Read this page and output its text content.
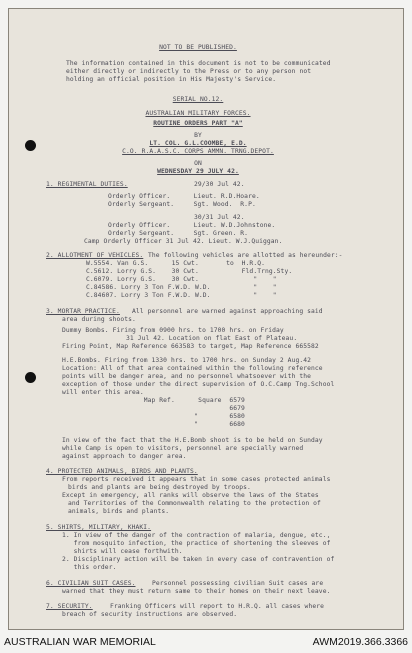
NOT TO BE PUBLISHED.
The information contained in this document is not to be communicated
either directly or indirectly to the Press or to any person not
holding an official position in His Majesty's Service.
SERIAL NO.12.
AUSTRALIAN MILITARY FORCES.
ROUTINE ORDERS PART "A"
BY
LT. COL. G.L.COOMBE, E.D.
C.O. R.A.A.S.C. CORPS AMMN. TRNG.DEPOT.
ON
WEDNESDAY 29 JULY 42.
1. REGIMENTAL DUTIES.	29/30 Jul 42.
Orderly Officer.      Lieut. R.D.Hoare.
Orderly Sergeant.     Sgt. Wood.  R.P.
30/31 Jul 42.
Orderly Officer.      Lieut. W.D.Johnstone.
Orderly Sergeant.     Sgt. Green. R.
Camp Orderly Officer 31 Jul 42. Lieut. W.J.Quiggan.
2. ALLOTMENT OF VEHICLES. The following vehicles are allotted as hereunder:-
W.5554. Van G.S.      15 Cwt.       to  H.R.Q.
C.5612. Lorry G.S.    30 Cwt.           Fld.Trng.Sty.
C.6079. Lorry G.S.    30 Cwt.              "    "
C.84586. Lorry 3 Ton F.W.D. W.D.           "    "
C.84607. Lorry 3 Ton F.W.D. W.D.           "    "
3. MORTAR PRACTICE. All personnel are warned against approaching said
area during shoots.
Dummy Bombs. Firing from 0900 hrs. to 1700 hrs. on Friday
31 Jul 42. Location on flat East of Plateau.
Firing Point, Map Reference 663583 to target, Map Reference 665582
H.E.Bombs. Firing from 1330 hrs. to 1700 hrs. on Sunday 2 Aug.42
Location: All of that area contained within the following reference
points will be danger area, and no personnel whatsoever with the
exception of those under the direct supervision of O.C.Camp Tng.School
will enter this area.
Map Ref.      Square  6579
6679
"        6580
"        6680
In view of the fact that the H.E.Bomb shoot is to be held on Sunday
while Camp is open to visitors, personnel are specially warned
against approach to danger area.
4. PROTECTED ANIMALS, BIRDS AND PLANTS.
From reports received it appears that in some cases protected animals
birds and plants are being destroyed by troops.
Except in emergency, all ranks will observe the laws of the States
and Territories of the Commonwealth relating to the protection of
animals, birds and plants.
5. SHIRTS, MILITARY, KHAKI.
1. In view of the danger of the contraction of malaria, dengue, etc.,
from mosquito infection, the practice of shortening the sleeves of
shirts will cease forthwith.
2. Disciplinary action will be taken in every case of contravention of
this order.
6. CIVILIAN SUIT CASES.	Personnel possessing civilian Suit cases are
warned that they must return same to their homes on their next leave.
7. SECURITY.	Franking Officers will report to H.R.Q. all cases where
breach of security instructions are observed.
AUSTRALIAN WAR MEMORIAL	AWM2019.366.3366
